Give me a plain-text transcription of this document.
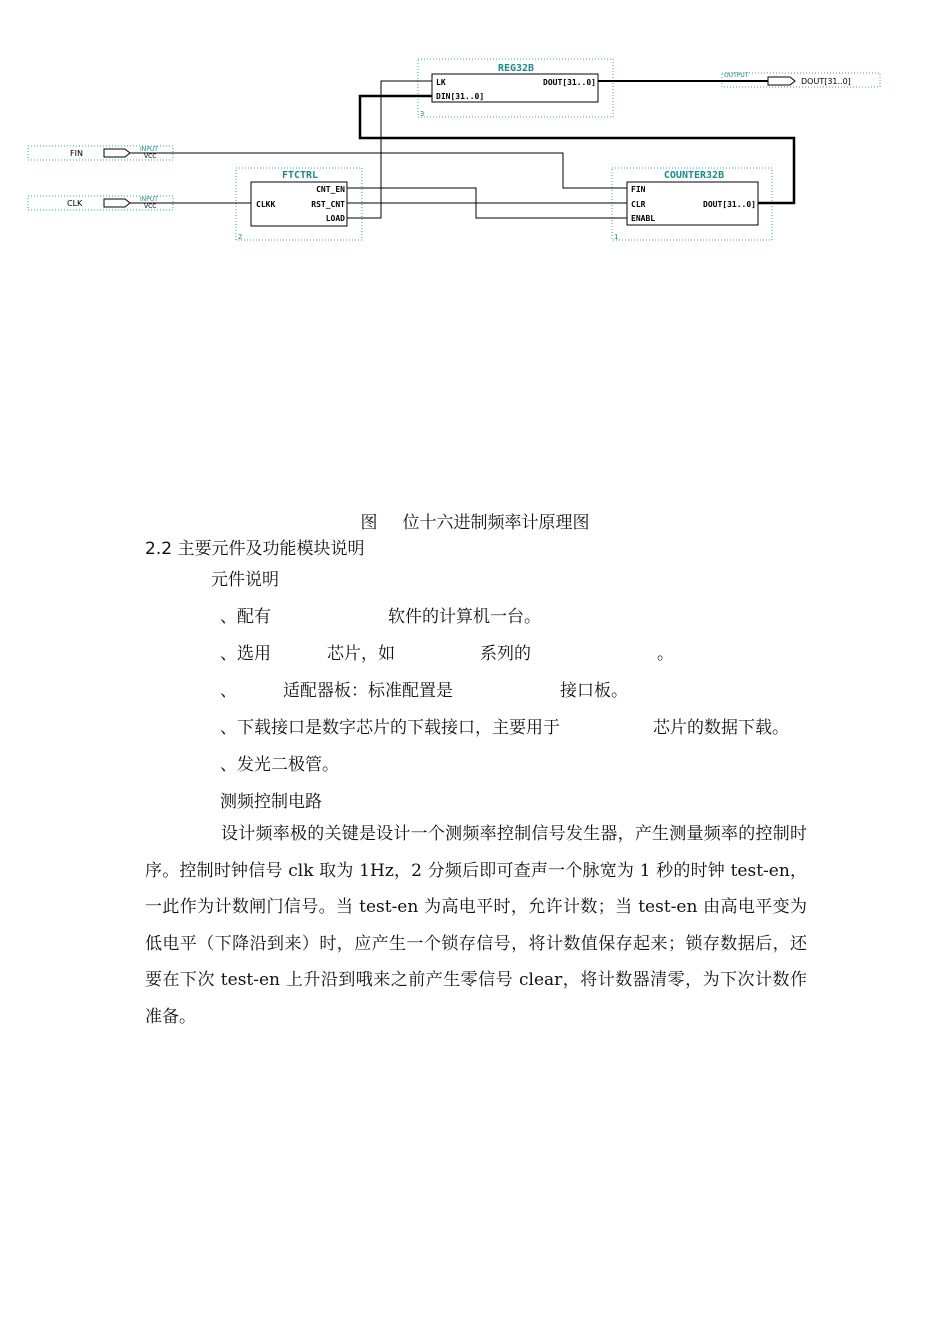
REG32B
LK
DIN[31..0]
DOUT[31..0]
3
FTCTRL
CNT_EN
CLKK	RST_CNT
LOAD
2
COUNTER32B
FIN
CLR
ENABL
DOUT[31..0]
1
FIN	INPUT
VCC
CLK	INPUT
VCC
OUTPUT
DOUT[31..0]
图 位十六进制频率计原理图
2.2 主要元件及功能模块说明
元件说明
、配有	软件的计算机一台。
、选用	芯片，如	系列的	。
、	适配器板：标准配置是	接口板。
、下载接口是数字芯片的下载接口，主要用于	芯片的数据下载。
、发光二极管。
测频控制电路
设计频率极的关键是设计一个测频率控制信号发生器，产生测量频率的控制时序。控制时钟信号 clk 取为 1Hz，2 分频后即可查声一个脉宽为 1 秒的时钟 test-en，一此作为计数闸门信号。当 test-en 为高电平时，允许计数；当 test-en 由高电平变为低电平（下降沿到来）时，应产生一个锁存信号，将计数值保存起来；锁存数据后，还要在下次 test-en 上升沿到哦来之前产生零信号 clear，将计数器清零，为下次计数作准备。
